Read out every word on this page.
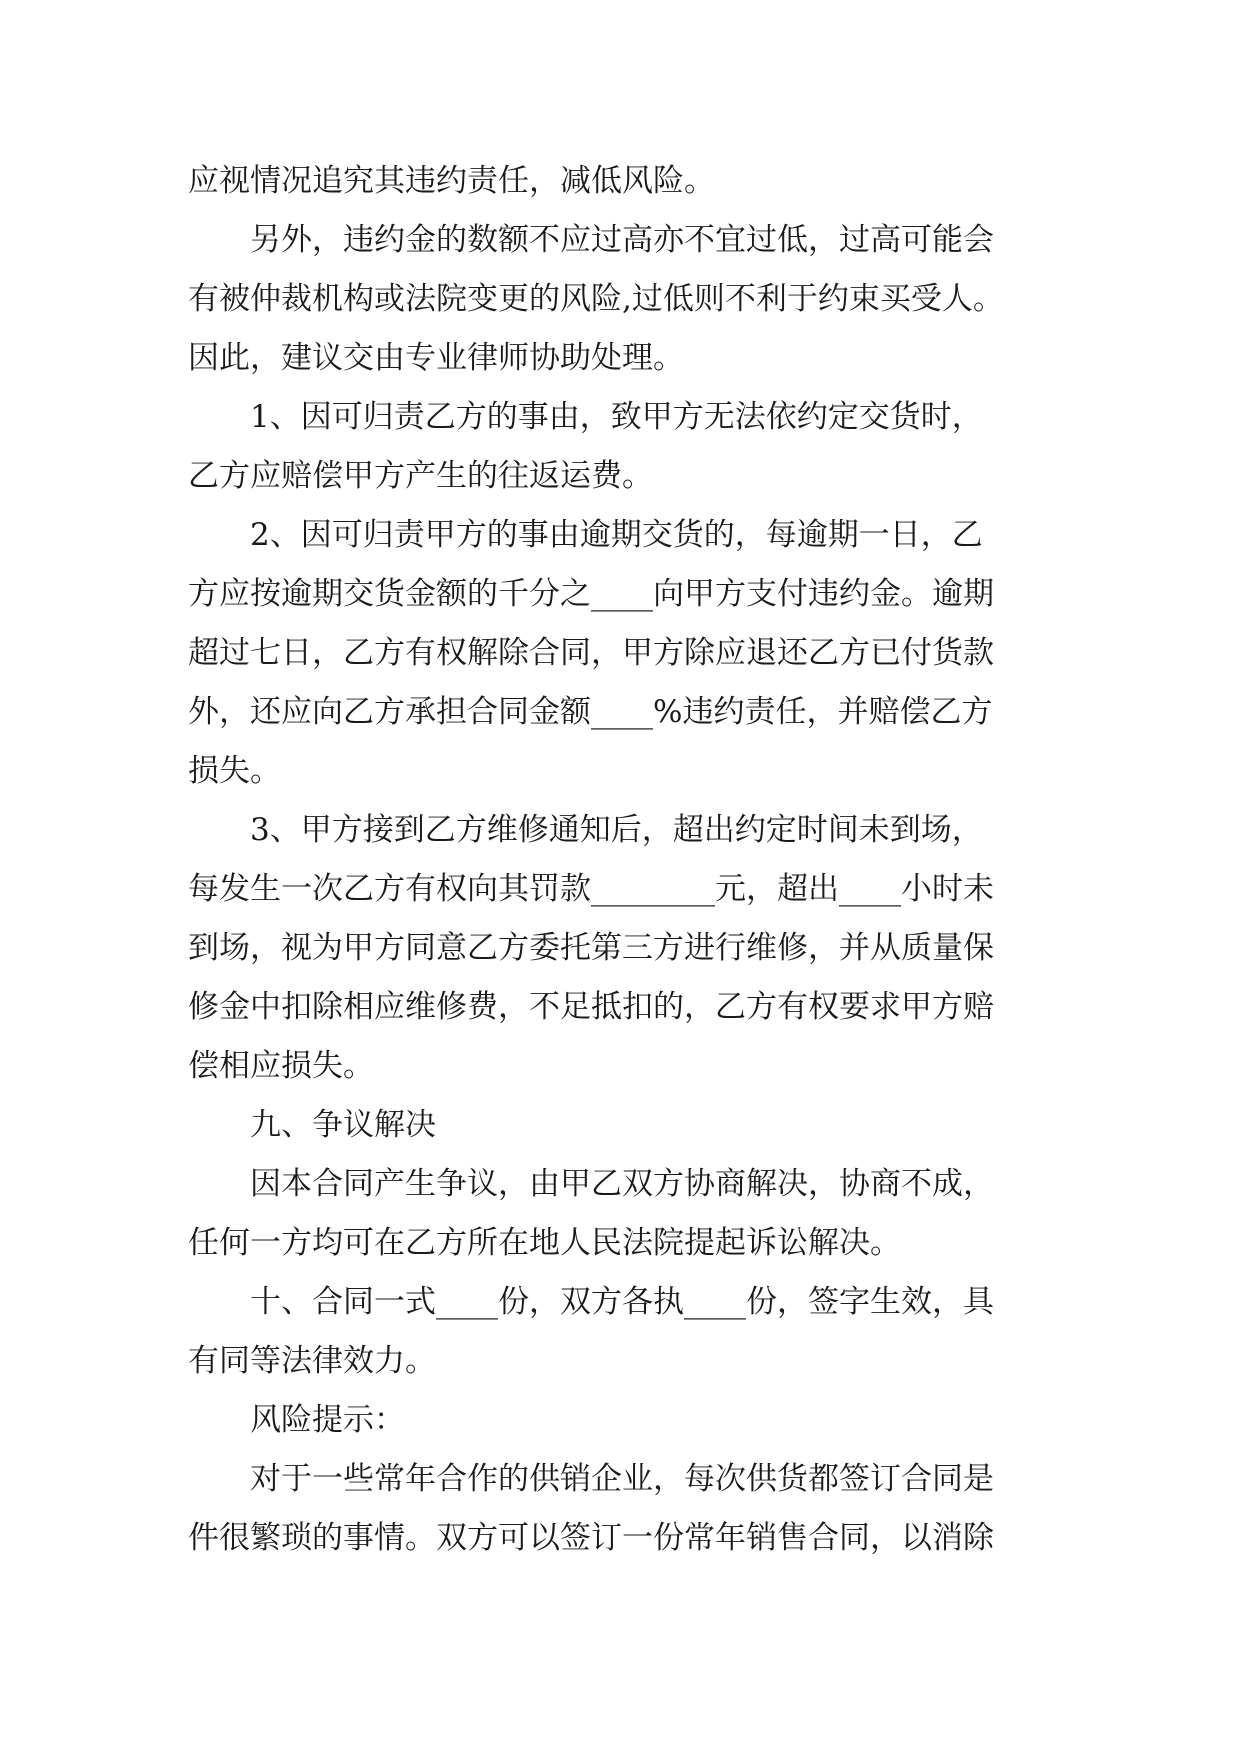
应视情况追究其违约责任，减低风险。
另外，违约金的数额不应过高亦不宜过低，过高可能会
有被仲裁机构或法院变更的风险,过低则不利于约束买受人。
因此，建议交由专业律师协助处理。
1、因可归责乙方的事由，致甲方无法依约定交货时，
乙方应赔偿甲方产生的往返运费。
2、因可归责甲方的事由逾期交货的，每逾期一日，乙
方应按逾期交货金额的千分之____向甲方支付违约金。逾期
超过七日，乙方有权解除合同，甲方除应退还乙方已付货款
外，还应向乙方承担合同金额____%违约责任，并赔偿乙方
损失。
3、甲方接到乙方维修通知后，超出约定时间未到场，
每发生一次乙方有权向其罚款________元，超出____小时未
到场，视为甲方同意乙方委托第三方进行维修，并从质量保
修金中扣除相应维修费，不足抵扣的，乙方有权要求甲方赔
偿相应损失。
九、争议解决
因本合同产生争议，由甲乙双方协商解决，协商不成，
任何一方均可在乙方所在地人民法院提起诉讼解决。
十、合同一式____份，双方各执____份，签字生效，具
有同等法律效力。
风险提示：
对于一些常年合作的供销企业，每次供货都签订合同是
件很繁琐的事情。双方可以签订一份常年销售合同，以消除
